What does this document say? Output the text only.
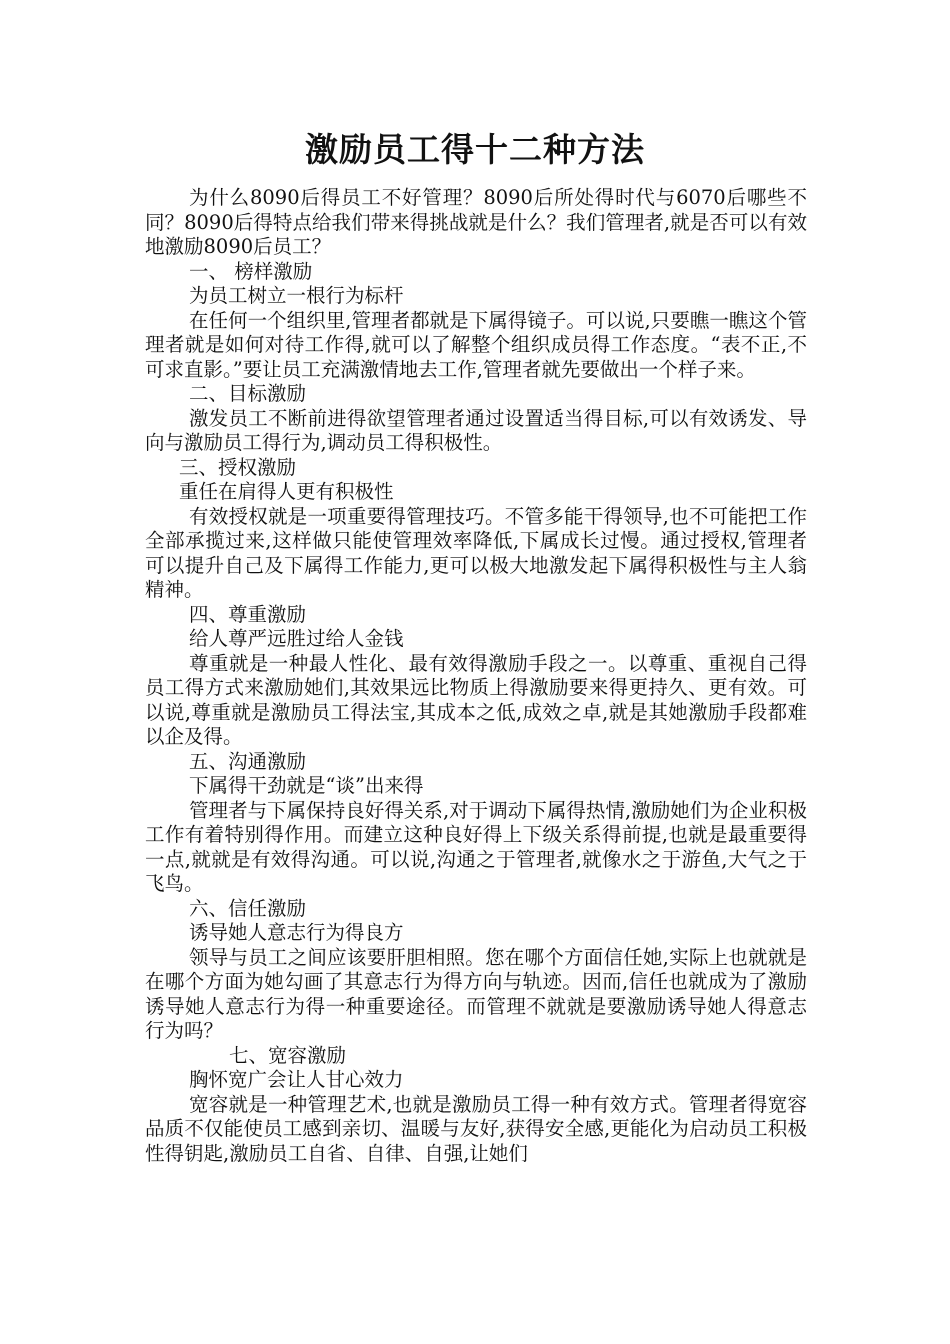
激励员工得十二种方法

为什么8090后得员工不好管理？8090后所处得时代与6070后哪些不同？8090后得特点给我们带来得挑战就是什么？我们管理者,就是否可以有效地激励8090后员工？

一、 榜样激励

为员工树立一根行为标杆

在任何一个组织里,管理者都就是下属得镜子。可以说,只要瞧一瞧这个管理者就是如何对待工作得,就可以了解整个组织成员得工作态度。“表不正,不可求直影。”要让员工充满激情地去工作,管理者就先要做出一个样子来。

二、目标激励

激发员工不断前进得欲望管理者通过设置适当得目标,可以有效诱发、导向与激励员工得行为,调动员工得积极性。

三、授权激励

重任在肩得人更有积极性

有效授权就是一项重要得管理技巧。不管多能干得领导,也不可能把工作全部承揽过来,这样做只能使管理效率降低,下属成长过慢。通过授权,管理者可以提升自己及下属得工作能力,更可以极大地激发起下属得积极性与主人翁精神。

四、尊重激励

给人尊严远胜过给人金钱

尊重就是一种最人性化、最有效得激励手段之一。以尊重、重视自己得员工得方式来激励她们,其效果远比物质上得激励要来得更持久、更有效。可以说,尊重就是激励员工得法宝,其成本之低,成效之卓,就是其她激励手段都难以企及得。

五、沟通激励

下属得干劲就是“谈”出来得

管理者与下属保持良好得关系,对于调动下属得热情,激励她们为企业积极工作有着特别得作用。而建立这种良好得上下级关系得前提,也就是最重要得一点,就就是有效得沟通。可以说,沟通之于管理者,就像水之于游鱼,大气之于飞鸟。

六、信任激励

诱导她人意志行为得良方

领导与员工之间应该要肝胆相照。您在哪个方面信任她,实际上也就就是在哪个方面为她勾画了其意志行为得方向与轨迹。因而,信任也就成为了激励诱导她人意志行为得一种重要途径。而管理不就就是要激励诱导她人得意志行为吗？

七、宽容激励

胸怀宽广会让人甘心效力

宽容就是一种管理艺术,也就是激励员工得一种有效方式。管理者得宽容品质不仅能使员工感到亲切、温暖与友好,获得安全感,更能化为启动员工积极性得钥匙,激励员工自省、自律、自强,让她们
